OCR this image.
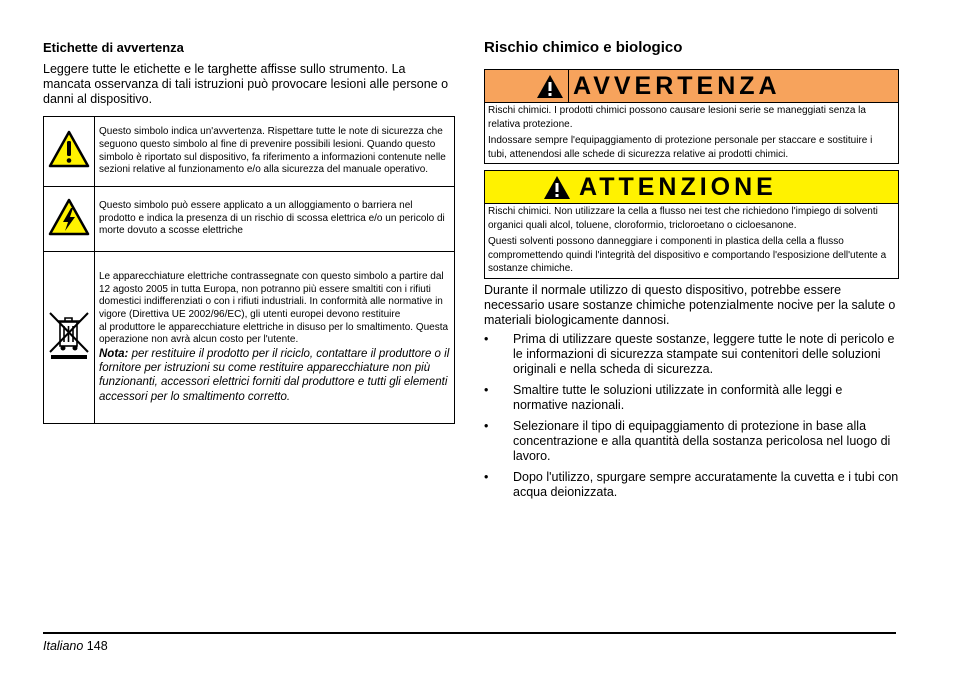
Etichette di avvertenza

Leggere tutte le etichette e le targhette affisse sullo strumento. La mancata osservanza di tali istruzioni può provocare lesioni alle persone o danni al dispositivo.

	Questo simbolo indica un'avvertenza. Rispettare tutte le note di sicurezza che seguono questo simbolo al fine di prevenire possibili lesioni. Quando questo simbolo è riportato sul dispositivo, fa riferimento a informazioni contenute nelle sezioni relative al funzionamento e/o alla sicurezza del manuale operativo.
	Questo simbolo può essere applicato a un alloggiamento o barriera nel prodotto e indica la presenza di un rischio di scossa elettrica e/o un pericolo di morte dovuto a scosse elettriche

Le apparecchiature elettriche contrassegnate con questo simbolo a partire dal 12 agosto 2005 in tutta Europa, non potranno più essere smaltiti con i rifiuti domestici indifferenziati o con i rifiuti industriali. In conformità alle normative in vigore (Direttiva UE 2002/96/EC), gli utenti europei devono restituire
al produttore le apparecchiature elettriche in disuso per lo smaltimento. Questa operazione non avrà alcun costo per l'utente.
Nota: per restituire il prodotto per il riciclo, contattare il produttore o il fornitore per istruzioni su come restituire apparecchiature non più funzionanti, accessori elettrici forniti dal produttore e tutti gli elementi accessori per lo smaltimento corretto.
Rischio chimico e biologico
AVVERTENZA

Rischi chimici. I prodotti chimici possono causare lesioni serie se maneggiati senza la relativa protezione.

Indossare sempre l'equipaggiamento di protezione personale per staccare e sostituire i tubi, attenendosi alle schede di sicurezza relative ai prodotti chimici.

ATTENZIONE

Rischi chimici. Non utilizzare la cella a flusso nei test che richiedono l'impiego di solventi organici quali alcol, toluene, cloroformio, tricloroetano o cicloesanone.

Questi solventi possono danneggiare i componenti in plastica della cella a flusso compromettendo quindi l'integrità del dispositivo e comportando l'esposizione dell'utente a sostanze chimiche.

Durante il normale utilizzo di questo dispositivo, potrebbe essere necessario usare sostanze chimiche potenzialmente nocive per la salute o materiali biologicamente dannosi.

• Prima di utilizzare queste sostanze, leggere tutte le note di pericolo e le informazioni di sicurezza stampate sui contenitori delle soluzioni originali e nella scheda di sicurezza.
• Smaltire tutte le soluzioni utilizzate in conformità alle leggi e normative nazionali.
• Selezionare il tipo di equipaggiamento di protezione in base alla concentrazione e alla quantità della sostanza pericolosa nel luogo di lavoro.
• Dopo l'utilizzo, spurgare sempre accuratamente la cuvetta e i tubi con acqua deionizzata.
Italiano 148
